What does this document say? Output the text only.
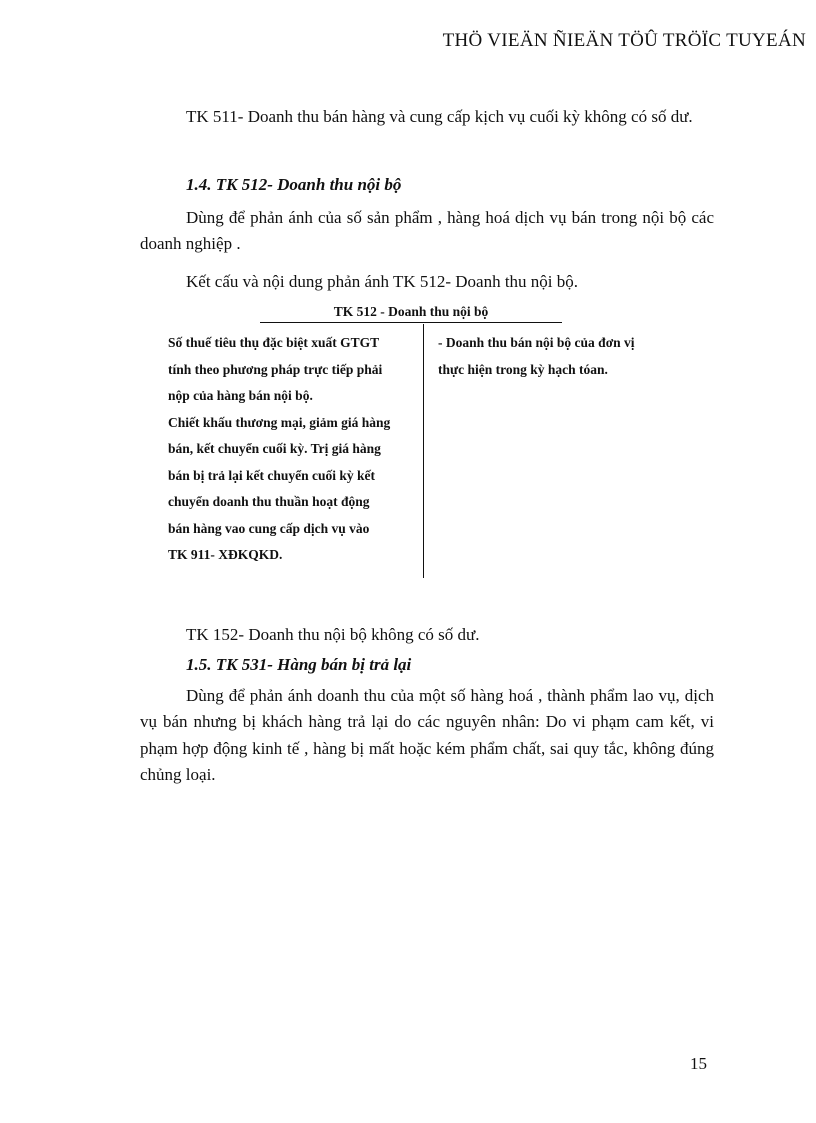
THÖ VIEÄN ÑIEÄN TÖÛ TRÖÏC TUYEÁN

TK 511- Doanh thu bán hàng và cung cấp kịch vụ cuối kỳ không có số dư.

1.4. TK 512- Doanh thu nội bộ

Dùng để phản ánh của số sản phẩm , hàng hoá dịch vụ bán trong nội bộ các doanh nghiệp .

Kết cấu và nội dung phản ánh TK 512- Doanh thu nội bộ.

TK 512 - Doanh thu nội bộ
Số thuế tiêu thụ đặc biệt xuất GTGT
tính theo phương pháp trực tiếp phải
nộp của hàng bán nội bộ.
Chiết khấu thương mại, giảm giá hàng
bán, kết chuyển cuối kỳ. Trị giá hàng
bán bị trả lại kết chuyển cuối kỳ kết
chuyển doanh thu thuần hoạt động
bán hàng vao cung cấp dịch vụ vào
TK 911- XĐKQKD.
- Doanh thu bán nội bộ của đơn vị
thực hiện trong kỳ hạch tóan.

TK 152- Doanh thu nội bộ không có số dư.

1.5. TK 531- Hàng bán bị trả lại

Dùng để phản ánh doanh thu của một số hàng hoá , thành phẩm lao vụ, dịch vụ bán nhưng bị khách hàng trả lại do các nguyên nhân: Do vi phạm cam kết, vi phạm hợp động kinh tế , hàng bị mất hoặc kém phẩm chất, sai quy tắc, không đúng chủng loại.

15
